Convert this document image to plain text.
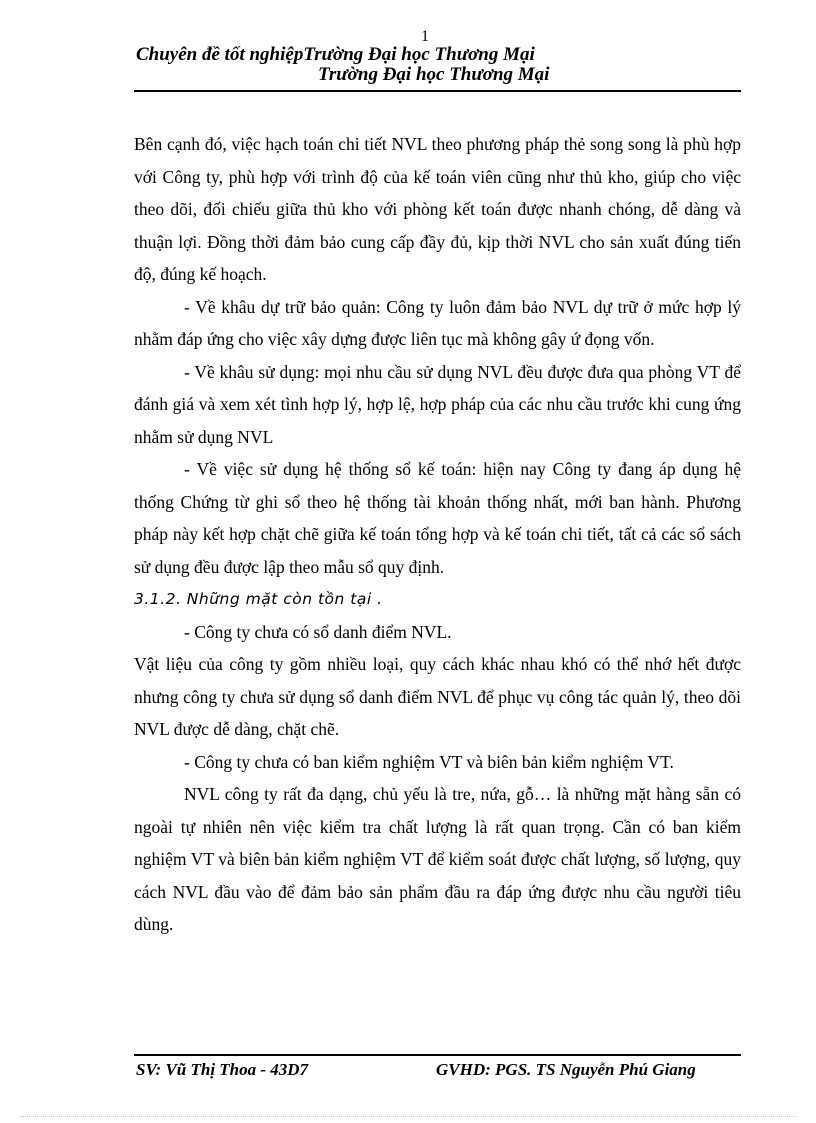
1
Chuyên đề tốt nghiệpTrường Đại học Thương Mại
Trường Đại học Thương Mại

Bên cạnh đó, việc hạch toán chi tiết NVL theo phương pháp thẻ song song là phù hợp với Công ty, phù hợp với trình độ của kế toán viên cũng như thủ kho, giúp cho việc theo dõi, đối chiếu giữa thủ kho với phòng kết toán được nhanh chóng, dễ dàng và thuận lợi. Đồng thời đảm bảo cung cấp đầy đủ, kịp thời NVL cho sản xuất đúng tiến độ, đúng kế hoạch.

- Về khâu dự trữ bảo quản: Công ty luôn đảm bảo NVL dự trữ ở mức hợp lý nhằm đáp ứng cho việc xây dựng được liên tục mà không gây ứ đọng vốn.

- Về khâu sử dụng: mọi nhu cầu sử dụng NVL đều được đưa qua phòng VT để đánh giá và xem xét tình hợp lý, hợp lệ, hợp pháp của các nhu cầu trước khi cung ứng nhằm sử dụng NVL

- Về việc sử dụng hệ thống sổ kế toán: hiện nay Công ty đang áp dụng hệ thống Chứng từ ghi sổ theo hệ thống tài khoản thống nhất, mới ban hành. Phương pháp này kết hợp chặt chẽ giữa kế toán tổng hợp và kế toán chi tiết, tất cả các sổ sách sử dụng đều được lập theo mẫu sổ quy định.

3.1.2. Những mặt còn tồn tại .

- Công ty chưa có sổ danh điểm NVL.

Vật liệu của công ty gồm nhiều loại, quy cách khác nhau khó có thể nhớ hết được nhưng công ty chưa sử dụng sổ danh điểm NVL để phục vụ công tác quản lý, theo dõi NVL được dễ dàng, chặt chẽ.

- Công ty chưa có ban kiểm nghiệm VT và biên bản kiểm nghiệm VT.

NVL công ty rất đa dạng, chủ yếu là tre, nứa, gỗ… là những mặt hàng sẵn có ngoài tự nhiên nên việc kiểm tra chất lượng là rất quan trọng. Cần có ban kiểm nghiệm VT và biên bản kiểm nghiệm VT để kiểm soát được chất lượng, số lượng, quy cách NVL đầu vào để đảm bảo sản phẩm đầu ra đáp ứng được nhu cầu người tiêu dùng.

SV: Vũ Thị Thoa - 43D7	GVHD: PGS. TS Nguyễn Phú Giang
